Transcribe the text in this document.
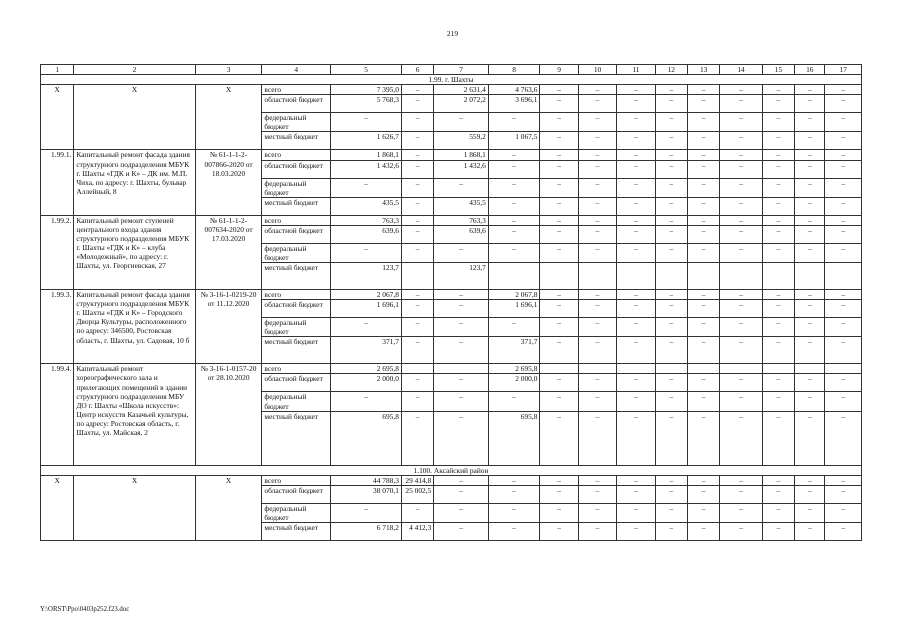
219
1	2	3	4	5	6	7	8	9	10	11	12	13	14	15	16	17
1.99. г. Шахты																
X	X	X	всего	7 395,0	–	2 631,4	4 763,6	–	–	–	–	–	–	–	–	–
			областной бюджет	5 768,3	–	2 072,2	3 696,1	–	–	–	–	–	–	–	–	–
			федеральный бюджет	–	–	–	–	–	–	–	–	–	–	–	–	–
			местный бюджет	1 626,7	–	559,2	1 067,5	–	–	–	–	–	–	–	–	–
1.99.1.	Капитальный ремонт фасада здания структурного подразделения МБУК г. Шахты «ГДК и К» – ДК им. М.П. Чиха, по адресу: г. Шахты, бульвар Аллейный, 8	№ 61-1-1-2-007866-2020 от 18.03.2020	всего	1 868,1	–	1 868,1	–	–	–	–	–	–	–	–	–	–
			областной бюджет	1 432,6	–	1 432,6	–	–	–	–	–	–	–	–	–	–
			федеральный бюджет	–	–	–	–	–	–	–	–	–	–	–	–	–
			местный бюджет	435,5	–	435,5	–	–	–	–	–	–	–	–	–	–
1.99.2.	Капитальный ремонт ступеней центрального входа здания структурного подразделения МБУК г. Шахты «ГДК и К» – клуба «Молодежный», по адресу: г. Шахты, ул. Георгиевская, 27	№ 61-1-1-2-007634-2020 от 17.03.2020	всего	763,3	–	763,3	–	–	–	–	–	–	–	–	–	–
			областной бюджет	639,6	–	639,6	–	–	–	–	–	–	–	–	–	–
			федеральный бюджет	–	–	–	–	–	–	–	–	–	–	–	–	–
			местный бюджет	123,7		123,7										
1.99.3.	Капитальный ремонт фасада здания структурного подразделения МБУК г. Шахты «ГДК и К» – Городского Дворца Культуры, расположенного по адресу: 346500, Ростовская область, г. Шахты, ул. Садовая, 10 б	№ 3-16-1-0219-20 от 11.12.2020	всего	2 067,8	–	–	2 067,8	–	–	–	–	–	–	–	–	–
			областной бюджет	1 696,1	–	–	1 696,1	–	–	–	–	–	–	–	–	–
			федеральный бюджет	–	–	–	–	–	–	–	–	–	–	–	–	–
			местный бюджет	371,7	–	–	371,7	–	–	–	–	–	–	–	–	–
1.99.4.	Капитальный ремонт хореографического зала и прилегающих помещений в здании структурного подразделения МБУ ДО г. Шахты «Школа искусств»: Центр искусств Казачьей культуры, по адресу: Ростовская область, г. Шахты, ул. Майская, 2	№ 3-16-1-0157-20 от 28.10.2020	всего	2 695,8			2 695,8									
			областной бюджет	2 000,0	–	–	2 000,0	–	–	–	–	–	–	–	–	–
			федеральный бюджет	–	–	–	–	–	–	–	–	–	–	–	–	–
			местный бюджет	695,8	–	–	695,8	–	–	–	–	–	–	–	–	–
1.100. Аксайский район																
X	X	X	всего	44 788,3	29 414,8	–	–	–	–	–	–	–	–	–	–	–
			областной бюджет	38 070,1	25 002,5	–	–	–	–	–	–	–	–	–	–	–
			федеральный бюджет	–	–	–	–	–	–	–	–	–	–	–	–	–
			местный бюджет	6 718,2	4 412,3	–	–	–	–	–	–	–	–	–	–	–
Y:\ORST\Ppo\0403p252.f23.doc
